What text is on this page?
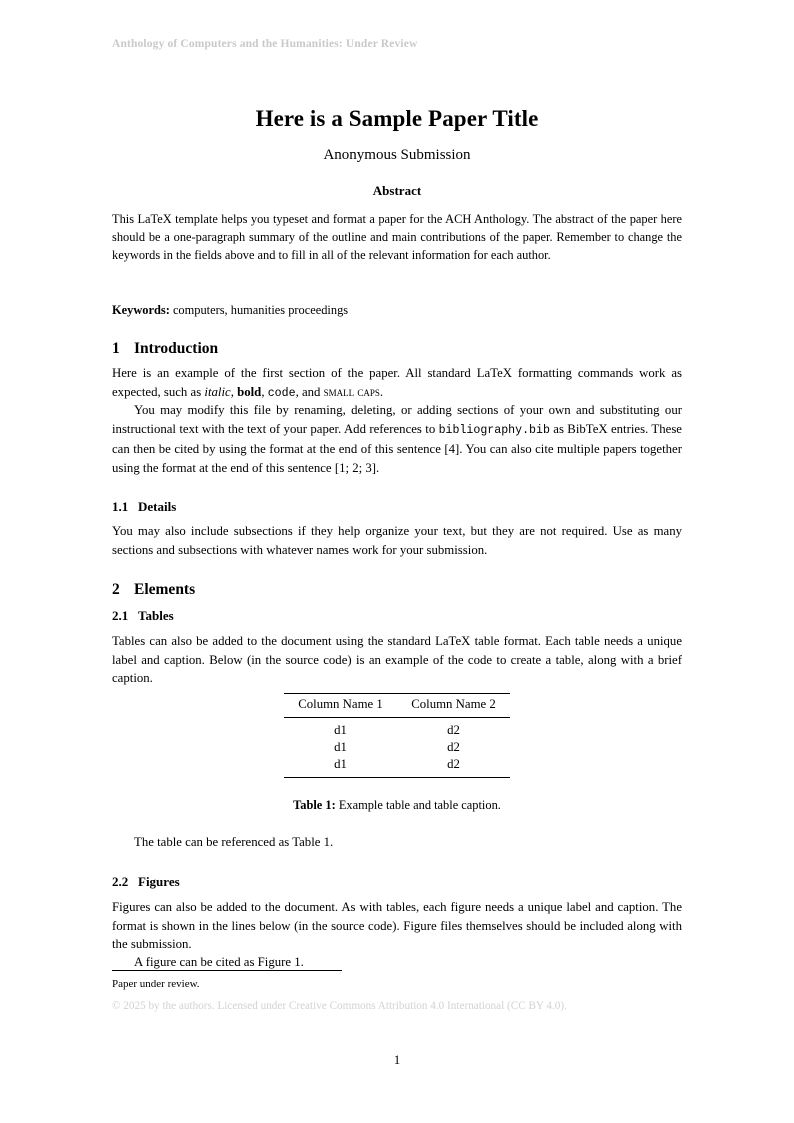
Anthology of Computers and the Humanities: Under Review
Here is a Sample Paper Title
Anonymous Submission
Abstract
This LaTeX template helps you typeset and format a paper for the ACH Anthology. The abstract of the paper here should be a one-paragraph summary of the outline and main contributions of the paper. Remember to change the keywords in the fields above and to fill in all of the relevant information for each author.
Keywords: computers, humanities proceedings
1 Introduction
Here is an example of the first section of the paper. All standard LaTeX formatting commands work as expected, such as italic, bold, code, and small caps.
You may modify this file by renaming, deleting, or adding sections of your own and substituting our instructional text with the text of your paper. Add references to bibliography.bib as BibTeX entries. These can then be cited by using the format at the end of this sentence [4]. You can also cite multiple papers together using the format at the end of this sentence [1; 2; 3].
1.1 Details
You may also include subsections if they help organize your text, but they are not required. Use as many sections and subsections with whatever names work for your submission.
2 Elements
2.1 Tables
Tables can also be added to the document using the standard LaTeX table format. Each table needs a unique label and caption. Below (in the source code) is an example of the code to create a table, along with a brief caption.
Column Name 1	Column Name 2
d1	d2
d1	d2
d1	d2
Table 1: Example table and table caption.
The table can be referenced as Table 1.
2.2 Figures
Figures can also be added to the document. As with tables, each figure needs a unique label and caption. The format is shown in the lines below (in the source code). Figure files themselves should be included along with the submission.
A figure can be cited as Figure 1.
Paper under review.
© 2025 by the authors. Licensed under Creative Commons Attribution 4.0 International (CC BY 4.0).
1
